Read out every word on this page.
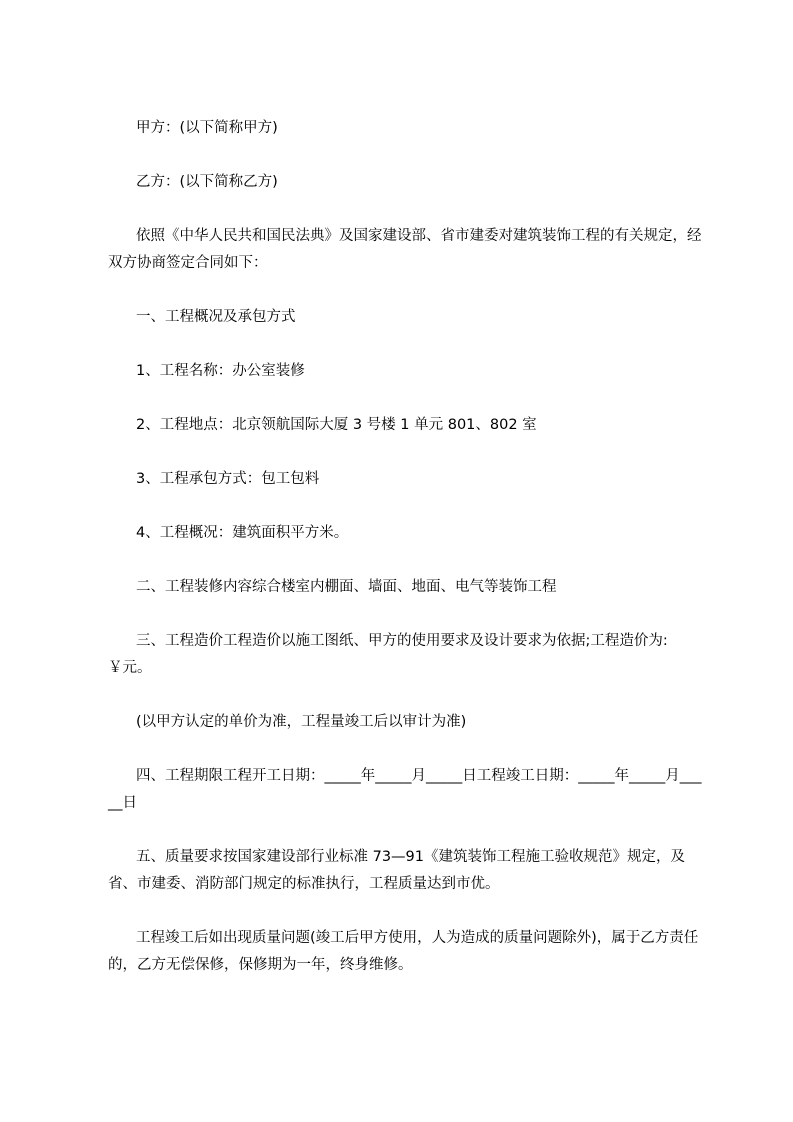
甲方：(以下简称甲方)

乙方：(以下简称乙方)

依照《中华人民共和国民法典》及国家建设部、省市建委对建筑装饰工程的有关规定，经双方协商签定合同如下：

一、工程概况及承包方式

1、工程名称：办公室装修

2、工程地点：北京领航国际大厦 3 号楼 1 单元 801、802 室

3、工程承包方式：包工包料

4、工程概况：建筑面积平方米。

二、工程装修内容综合楼室内棚面、墙面、地面、电气等装饰工程

三、工程造价工程造价以施工图纸、甲方的使用要求及设计要求为依据;工程造价为:￥元。

(以甲方认定的单价为准，工程量竣工后以审计为准)

四、工程期限工程开工日期：_____年_____月_____日工程竣工日期：_____年_____月_____日

五、质量要求按国家建设部行业标准 73—91《建筑装饰工程施工验收规范》规定，及省、市建委、消防部门规定的标准执行，工程质量达到市优。

工程竣工后如出现质量问题(竣工后甲方使用，人为造成的质量问题除外)，属于乙方责任的，乙方无偿保修，保修期为一年，终身维修。
